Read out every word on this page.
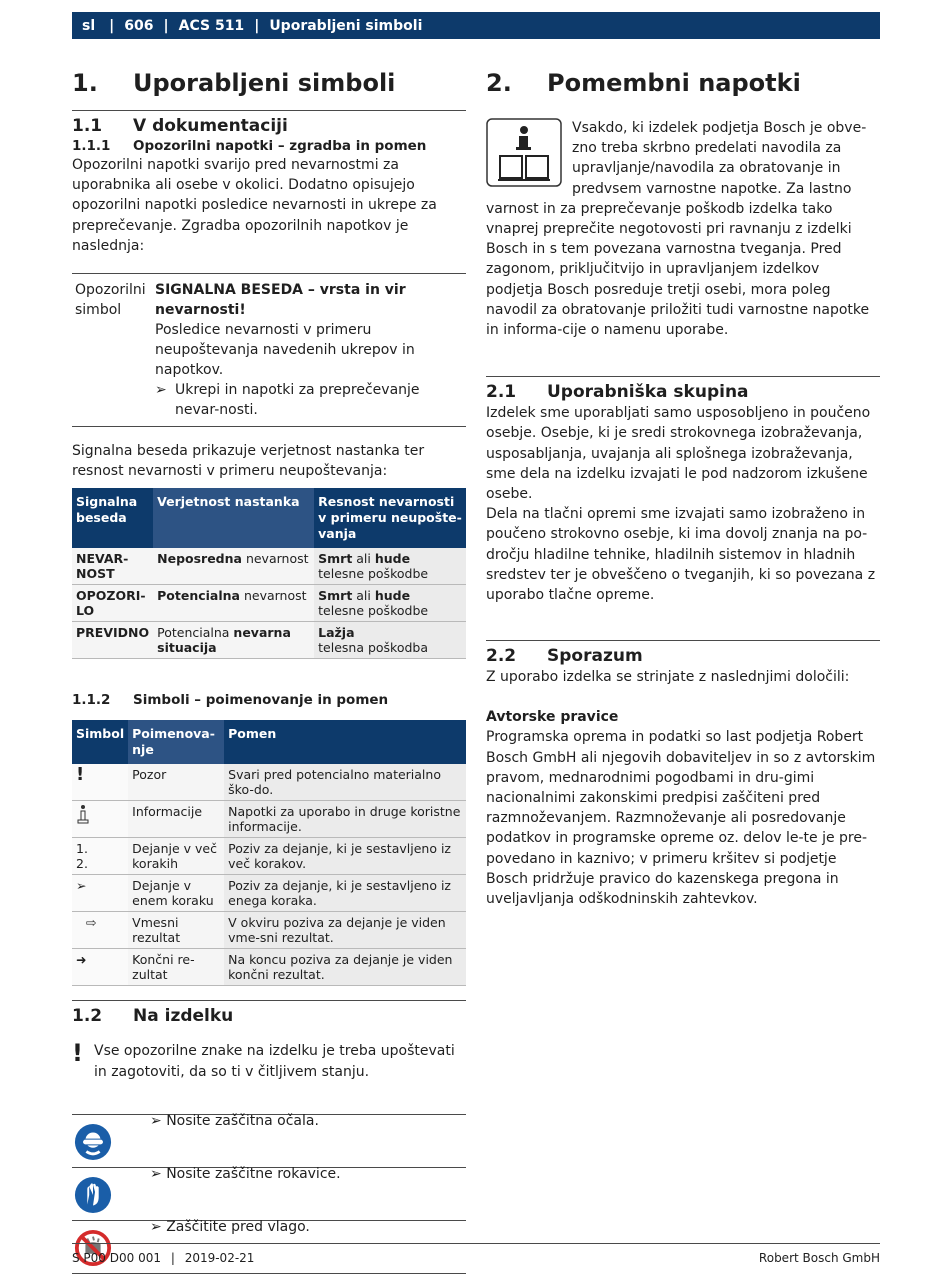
sl	| 606 | ACS 511 | Uporabljeni simboli
1.	Uporabljeni simboli
1.1	V dokumentaciji
1.1.1	Opozorilni napotki – zgradba in pomen

Opozorilni napotki svarijo pred nevarnostmi za uporabnika ali osebe v okolici. Dodatno opisujejo opozorilni napotki posledice nevarnosti in ukrepe za preprečevanje. Zgradba opozorilnih napotkov je naslednja:

Opozorilni simbol
SIGNALNA BESEDA – vrsta in vir nevarnosti!
Posledice nevarnosti v primeru neupoštevanja navedenih ukrepov in napotkov.
➢ Ukrepi in napotki za preprečevanje nevar-nosti.

Signalna beseda prikazuje verjetnost nastanka ter resnost nevarnosti v primeru neupoštevanja:

Signalna beseda	Verjetnost nastanka	Resnost nevarnosti v primeru neupošte-vanja
NEVAR-NOST	Neposredna nevarnost	Smrt ali hude
telesne poškodbe
OPOZORI-LO	Potencialna nevarnost	Smrt ali hude
telesne poškodbe
PREVIDNO	Potencialna nevarna situacija	Lažja
telesna poškodba
1.1.2	Simboli – poimenovanje in pomen
Simbol	Poimenova-nje	Pomen
!	Pozor	Svari pred potencialno materialno ško-do.
	Informacije	Napotki za uporabo in druge koristne informacije.
1.
2.	Dejanje v več korakih	Poziv za dejanje, ki je sestavljeno iz več korakov.
➢	Dejanje v enem koraku	Poziv za dejanje, ki je sestavljeno iz enega koraka.
⇨	Vmesni rezultat	V okviru poziva za dejanje je viden vme-sni rezultat.
➜	Končni re-zultat	Na koncu poziva za dejanje je viden končni rezultat.
1.2	Na izdelku
! Vse opozorilne znake na izdelku je treba upoštevati in zagotoviti, da so ti v čitljivem stanju.
➢ Nosite zaščitna očala.
➢ Nosite zaščitne rokavice.
➢ Zaščitite pred vlago.
2.	Pomembni napotki

Vsakdo, ki izdelek podjetja Bosch je obve-zno treba skrbno predelati navodila za upravljanje/navodila za obratovanje in predvsem varnostne napotke. Za lastno varnost in za preprečevanje poškodb izdelka tako vnaprej preprečite negotovosti pri ravnanju z izdelki Bosch in s tem povezana varnostna tveganja. Pred zagonom, priključitvijo in upravljanjem izdelkov podjetja Bosch posreduje tretji osebi, mora poleg navodil za obratovanje priložiti tudi varnostne napotke in informa-cije o namenu uporabe.

2.1	Uporabniška skupina

Izdelek sme uporabljati samo usposobljeno in poučeno osebje. Osebje, ki je sredi strokovnega izobraževanja, usposabljanja, uvajanja ali splošnega izobraževanja, sme dela na izdelku izvajati le pod nadzorom izkušene osebe.

Dela na tlačni opremi sme izvajati samo izobraženo in poučeno strokovno osebje, ki ima dovolj znanja na po-dročju hladilne tehnike, hladilnih sistemov in hladnih sredstev ter je obveščeno o tveganjih, ki so povezana z uporabo tlačne opreme.

2.2	Sporazum

Z uporabo izdelka se strinjate z naslednjimi določili:

Avtorske pravice

Programska oprema in podatki so last podjetja Robert Bosch GmbH ali njegovih dobaviteljev in so z avtorskim pravom, mednarodnimi pogodbami in dru-gimi nacionalnimi zakonskimi predpisi zaščiteni pred razmnoževanjem. Razmnoževanje ali posredovanje podatkov in programske opreme oz. delov le-te je pre-povedano in kaznivo; v primeru kršitev si podjetje Bosch pridržuje pravico do kazenskega pregona in uveljavljanja odškodninskih zahtevkov.

S P00 D00 001 | 2019-02-21	Robert Bosch GmbH
